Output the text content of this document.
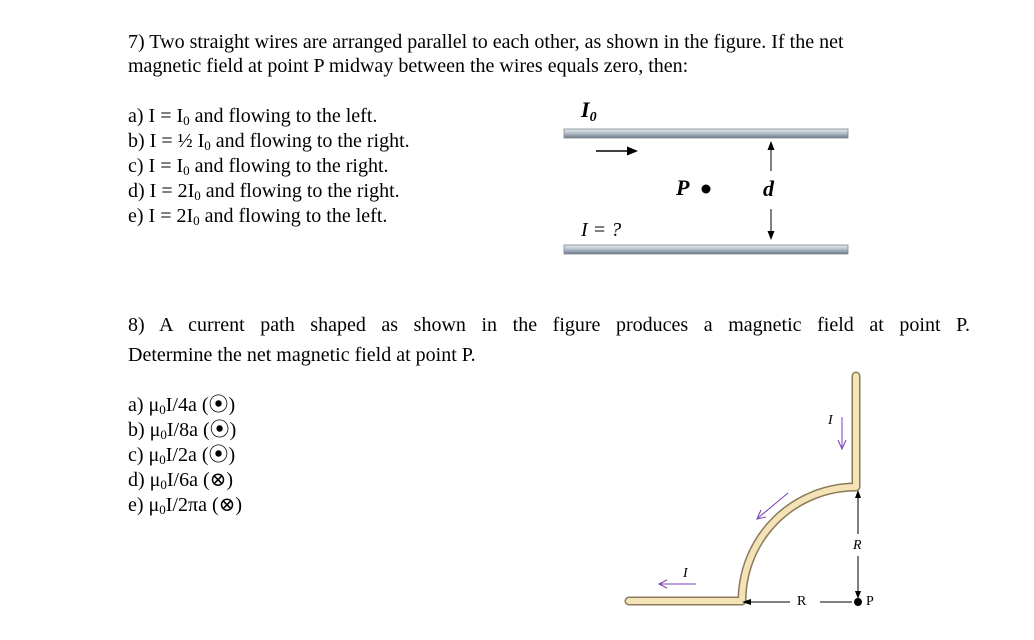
7) Two straight wires are arranged parallel to each other, as shown in the figure. If the net
magnetic field at point P midway between the wires equals zero, then:
a) $I = I_0$ and flowing to the left.
b) I = ½ $I_0$ and flowing to the right.
c) $I = I_0$ and flowing to the right.
d) $I = 2I_0$ and flowing to the right.
e) $I = 2I_0$ and flowing to the left.
$I_0$
P	d
I = ?
8) A current path shaped as shown in the figure produces a magnetic field at point P.
Determine the net magnetic field at point P.
a) $\mu_0I/4a$ (⦿)
b) $\mu_0I/8a$ (⦿)
c) $\mu_0I/2a$ (⦿)
d) $\mu_0I/6a$ (⊗)
e) $\mu_0I/2\pi a$ (⊗)
I
I
R
R	P
